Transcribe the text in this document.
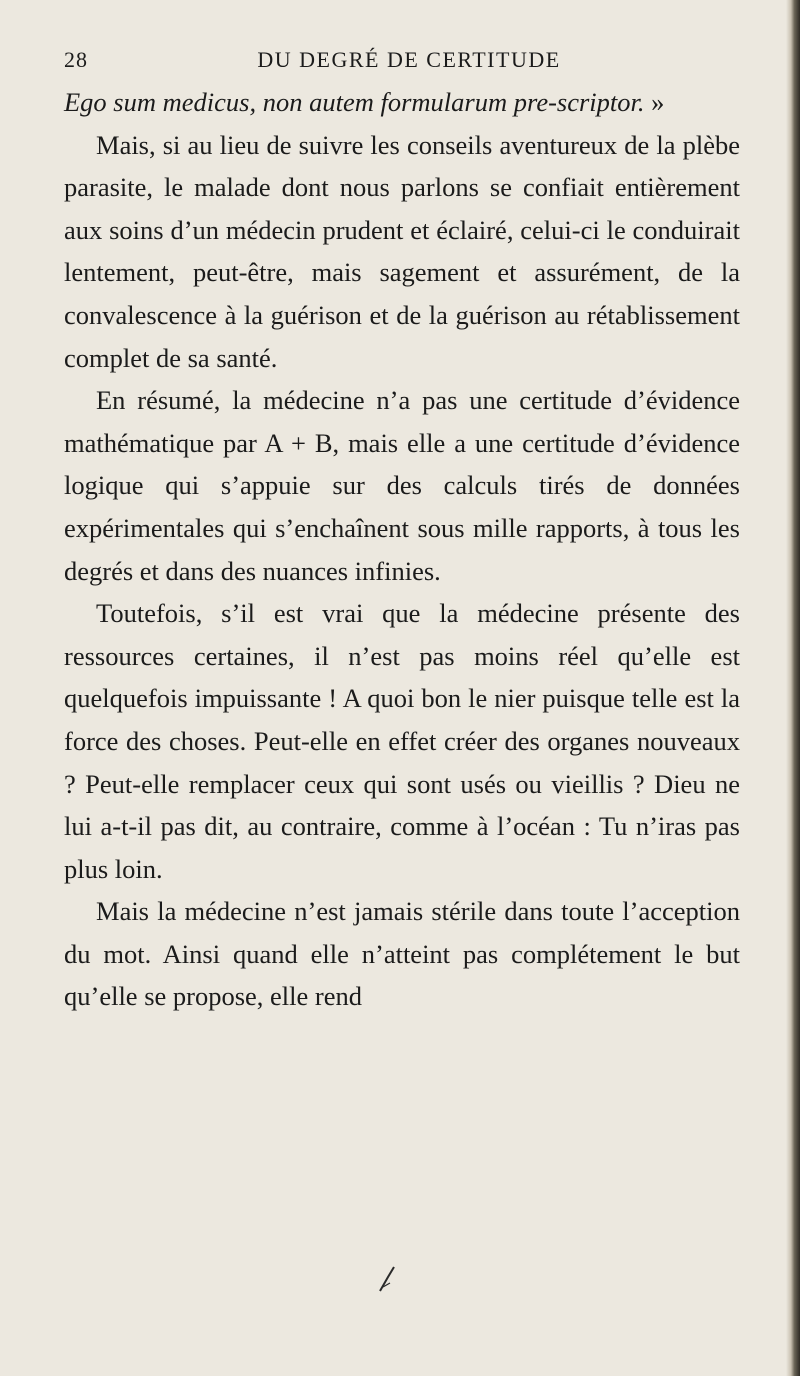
28	DU DEGRÉ DE CERTITUDE

Ego sum medicus, non autem formularum pre-scriptor. »

Mais, si au lieu de suivre les conseils aventureux de la plèbe parasite, le malade dont nous parlons se confiait entièrement aux soins d’un médecin prudent et éclairé, celui-ci le conduirait lentement, peut-être, mais sagement et assurément, de la convalescence à la guérison et de la guérison au rétablissement complet de sa santé.

En résumé, la médecine n’a pas une certitude d’évidence mathématique par A + B, mais elle a une certitude d’évidence logique qui s’appuie sur des calculs tirés de données expérimentales qui s’enchaînent sous mille rapports, à tous les degrés et dans des nuances infinies.

Toutefois, s’il est vrai que la médecine présente des ressources certaines, il n’est pas moins réel qu’elle est quelquefois impuissante ! A quoi bon le nier puisque telle est la force des choses. Peut-elle en effet créer des organes nouveaux ? Peut-elle remplacer ceux qui sont usés ou vieillis ? Dieu ne lui a-t-il pas dit, au contraire, comme à l’océan : Tu n’iras pas plus loin.

Mais la médecine n’est jamais stérile dans toute l’acception du mot. Ainsi quand elle n’atteint pas complétement le but qu’elle se propose, elle rend
